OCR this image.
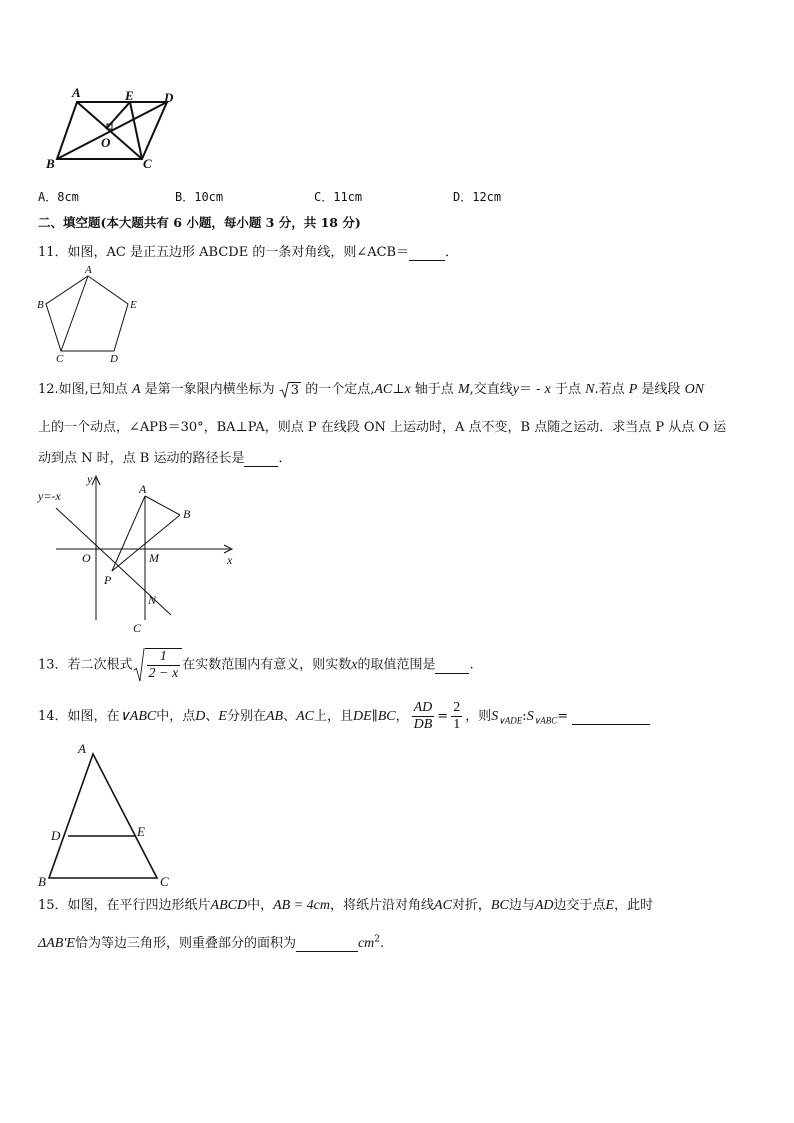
A	E D
O
B	C
A．8cm	B．10cm	C．11cm	D．12cm
二、填空题(本大题共有 6 小题，每小题 3 分，共 18 分)
11．如图，AC 是正五边形 ABCDE 的一条对角线，则∠ACB＝	．
A
E
B
C	D
12.如图,已知点 A 是第一象限内横坐标为
3 的一个定点,AC⊥x 轴于点 M,交直线y＝ - x 于点 N.若点 P 是线段 ON
上的一个动点，∠APB＝30°，BA⊥PA，则点 P 在线段 ON 上运动时，A 点不变，B 点随之运动．求当点 P 从点 O 运
动到点 N 时，点 B 运动的路径长是	．
y=-x
y
A
B
O	M	x
P
N
C
13．若二次根式 $\frac{1}{2 - x}$ 在实数范围内有意义，则实数x的取值范围是	.
14．如图，在∨ABC中，点D、E分别在AB、AC上，且DE∥BC， $\frac{AD}{DB} = \frac{2}{1}$ ，则$S_{\vee ADE}:S_{\vee ABC}=$
A
D	E
B	C
15．如图，在平行四边形纸片ABCD中，AB = 4cm，将纸片沿对角线AC对折，BC边与AD边交于点E，此时
ΔAB′E恰为等边三角形，则重叠部分的面积为	$cm^2$.
